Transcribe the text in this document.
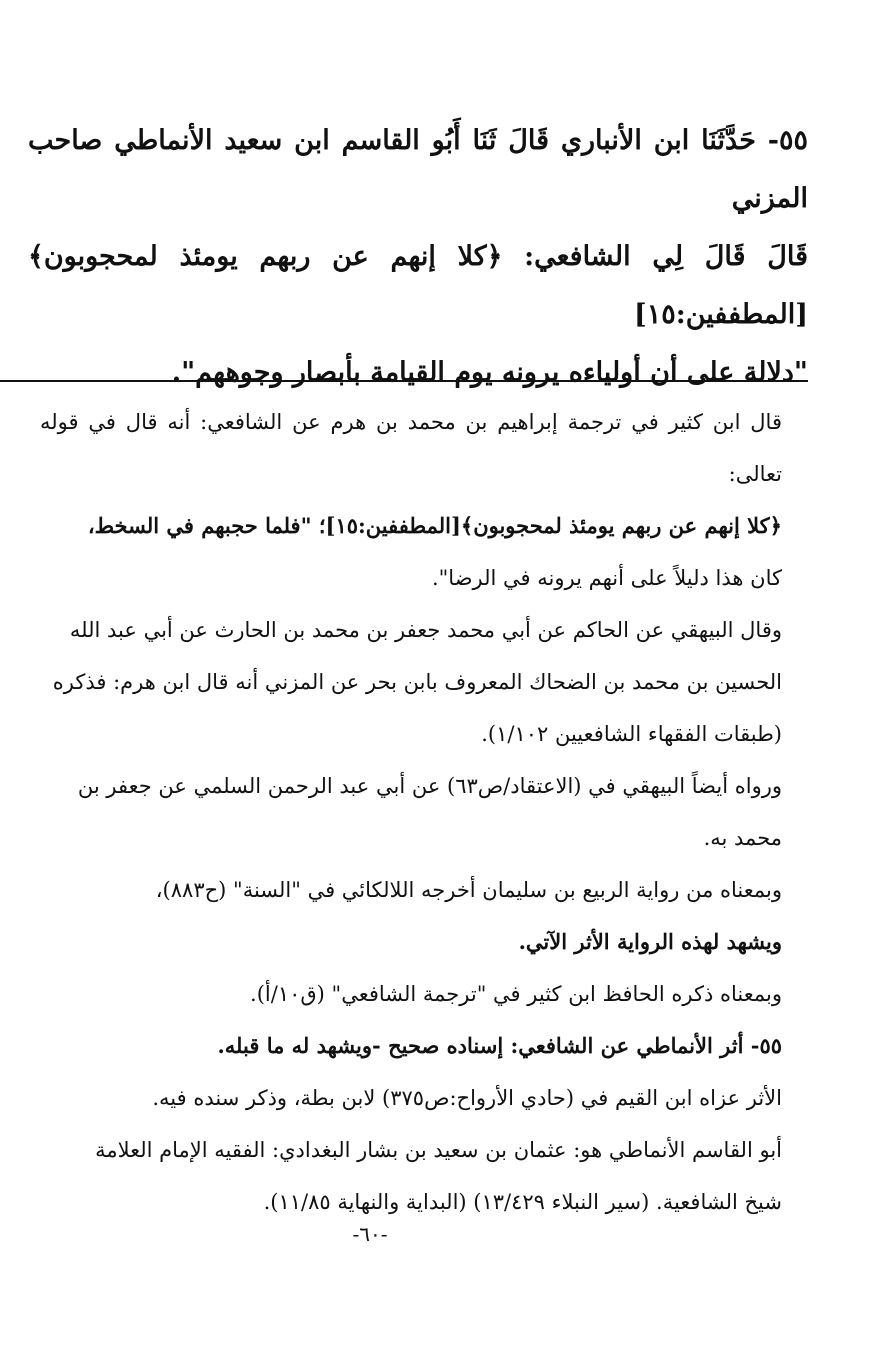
٥٥- حَدَّثَنَا ابن الأنباري قَالَ ثَنَا أَبُو القاسم ابن سعيد الأنماطي صاحب المزني

قَالَ قَالَ لِي الشافعي: ﴿كلا إنهم عن ربهم يومئذ لمحجوبون﴾[المطففين:١٥]

"دلالة على أن أولياءه يرونه يوم القيامة بأبصار وجوههم".

قال ابن كثير في ترجمة إبراهيم بن محمد بن هرم عن الشافعي: أنه قال في قوله تعالى:

﴿كلا إنهم عن ربهم يومئذ لمحجوبون﴾[المطففين:١٥]؛ "فلما حجبهم في السخط،

كان هذا دليلاً على أنهم يرونه في الرضا".

وقال البيهقي عن الحاكم عن أبي محمد جعفر بن محمد بن الحارث عن أبي عبد الله

الحسين بن محمد بن الضحاك المعروف بابن بحر عن المزني أنه قال ابن هرم: فذكره

(طبقات الفقهاء الشافعيين ١/١٠٢).

ورواه أيضاً البيهقي في (الاعتقاد/ص٦٣) عن أبي عبد الرحمن السلمي عن جعفر بن

محمد به.

وبمعناه من رواية الربيع بن سليمان أخرجه اللالكائي في "السنة" (ح٨٨٣)،

ويشهد لهذه الرواية الأثر الآتي.

وبمعناه ذكره الحافظ ابن كثير في "ترجمة الشافعي" (ق١٠/أ).

٥٥- أثر الأنماطي عن الشافعي: إسناده صحيح -ويشهد له ما قبله.

الأثر عزاه ابن القيم في (حادي الأرواح:ص٣٧٥) لابن بطة، وذكر سنده فيه.

أبو القاسم الأنماطي هو: عثمان بن سعيد بن بشار البغدادي: الفقيه الإمام العلامة

شيخ الشافعية. (سير النبلاء ١٣/٤٢٩) (البداية والنهاية ١١/٨٥).

-٦٠-
